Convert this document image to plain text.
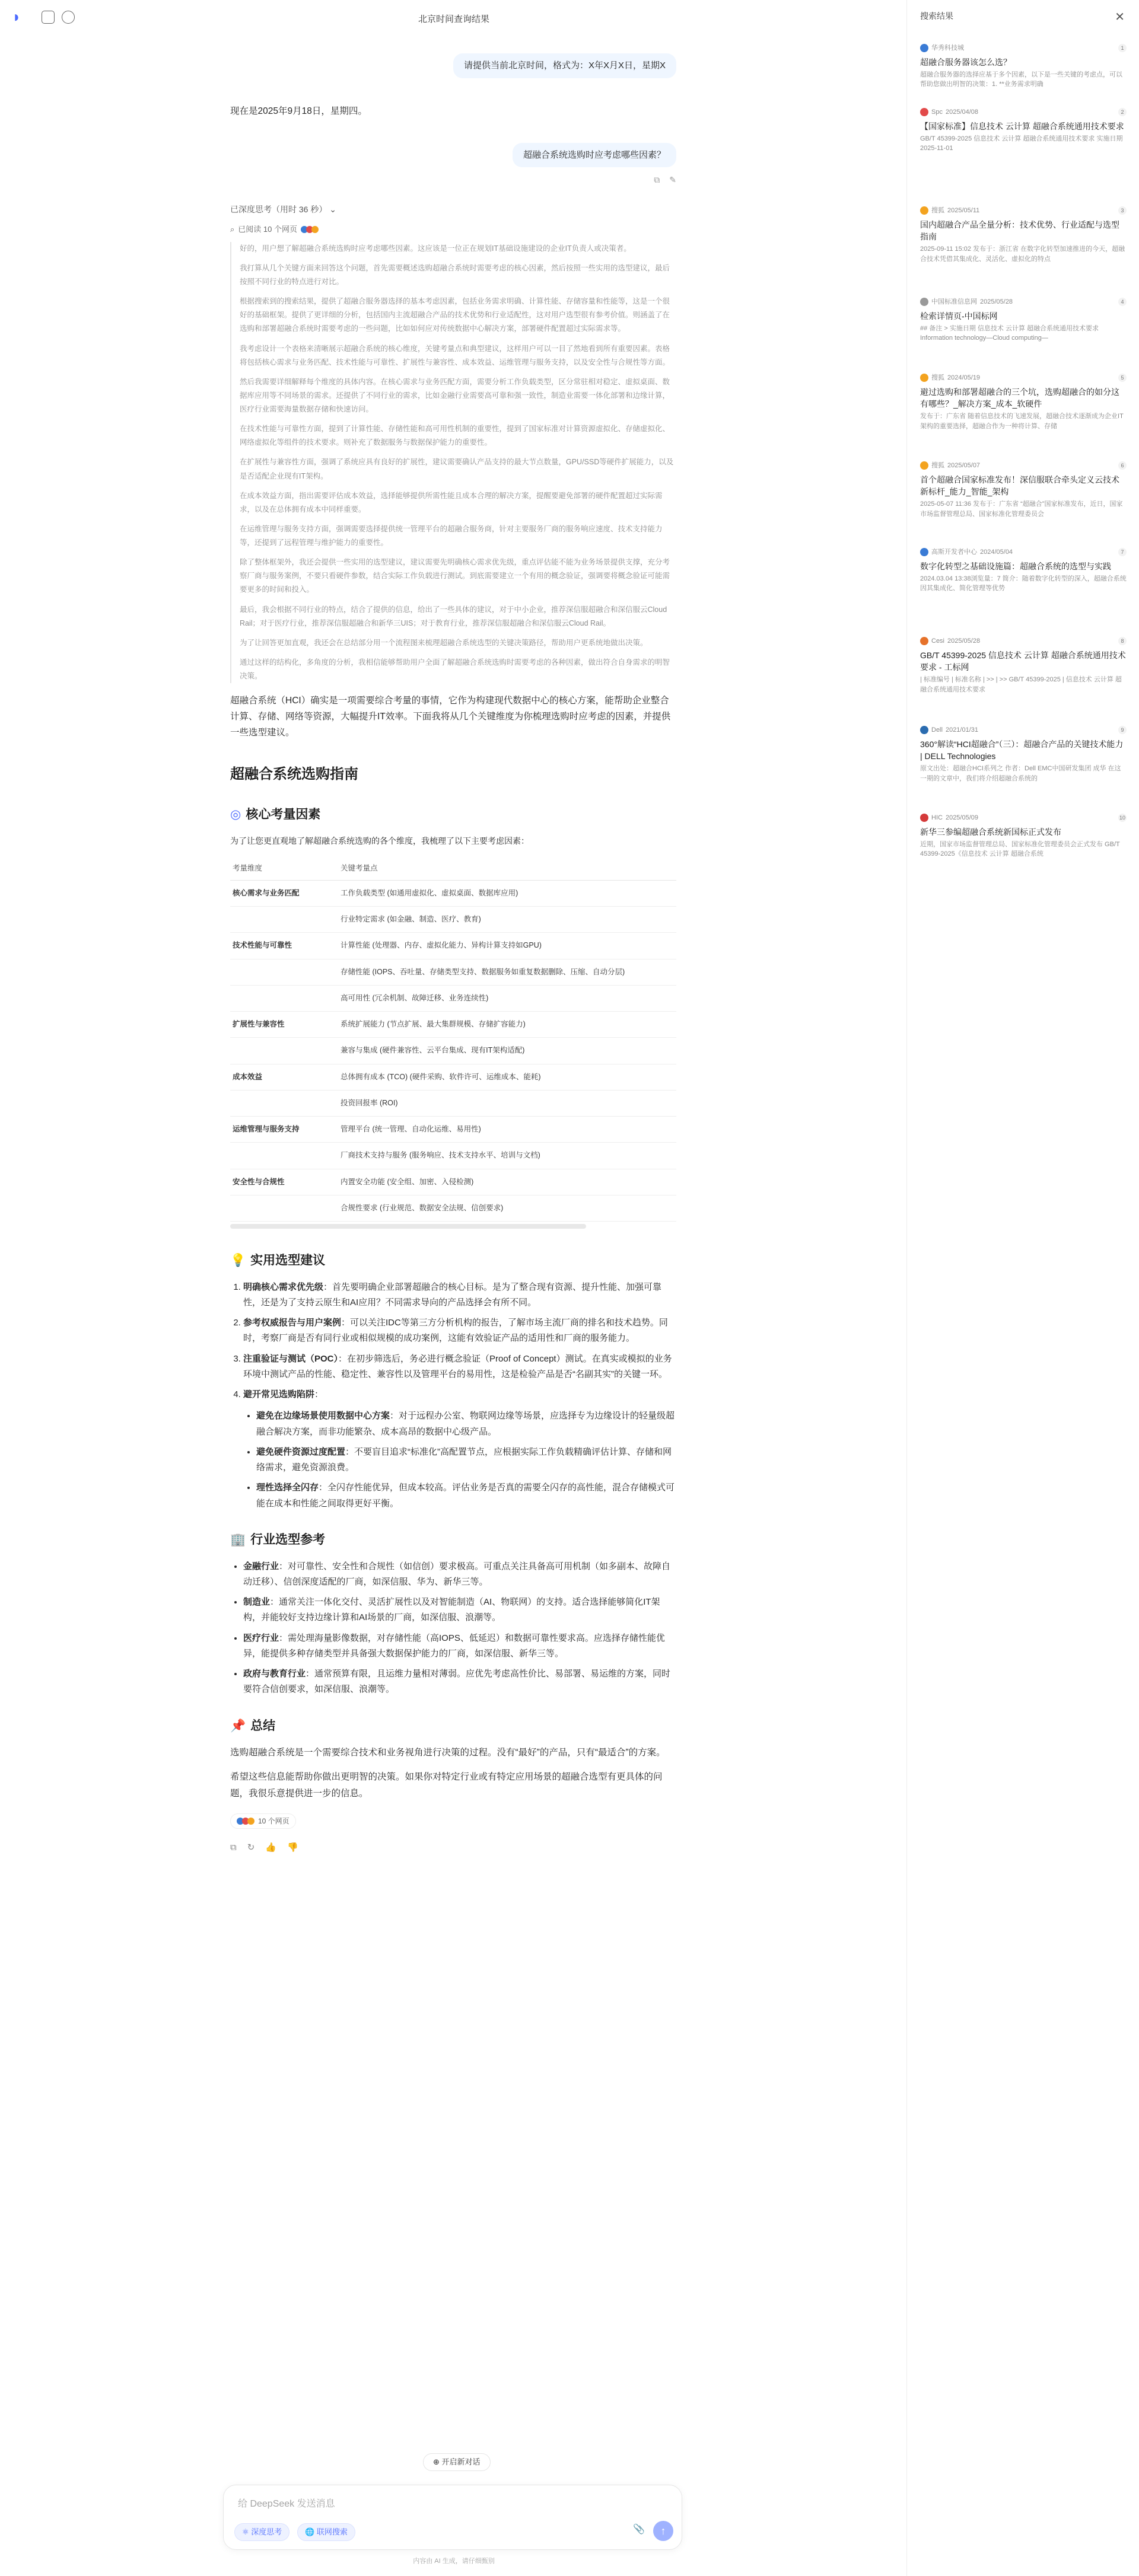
◗	北京时间查询结果
请提供当前北京时间，格式为：X年X月X日，星期X

现在是2025年9月18日，星期四。

超融合系统选购时应考虑哪些因素？
⧉ ✎
已深度思考（用时 36 秒） ⌄
⌕ 已阅读 10 个网页

好的，用户想了解超融合系统选购时应考虑哪些因素。这应该是一位正在规划IT基础设施建设的企业IT负责人或决策者。

我打算从几个关键方面来回答这个问题，首先需要概述选购超融合系统时需要考虑的核心因素，然后按照一些实用的选型建议，最后按照不同行业的特点进行对比。

根据搜索到的搜索结果，提供了超融合服务器选择的基本考虑因素，包括业务需求明确、计算性能、存储容量和性能等，这是一个很好的基础框架。提供了更详细的分析，包括国内主流超融合产品的技术优势和行业适配性，这对用户选型很有参考价值。则涵盖了在选购和部署超融合系统时需要考虑的一些问题，比如如何应对传统数据中心解决方案，部署硬件配置超过实际需求等。

我考虑设计一个表格来清晰展示超融合系统的核心维度，关键考量点和典型建议，这样用户可以一目了然地看到所有重要因素。表格将包括核心需求与业务匹配、技术性能与可靠性、扩展性与兼容性、成本效益、运维管理与服务支持，以及安全性与合规性等方面。

然后我需要详细解释每个维度的具体内容。在核心需求与业务匹配方面，需要分析工作负载类型，区分常驻相对稳定、虚拟桌面、数据库应用等不同场景的需求。还提供了不同行业的需求，比如金融行业需要高可靠和强一致性，制造业需要一体化部署和边缘计算，医疗行业需要海量数据存储和快速访问。

在技术性能与可靠性方面，提到了计算性能、存储性能和高可用性机制的重要性，提到了国家标准对计算资源虚拟化、存储虚拟化、网络虚拟化等组件的技术要求。则补充了数据服务与数据保护能力的重要性。

在扩展性与兼容性方面，强调了系统应具有良好的扩展性，建议需要确认产品支持的最大节点数量，GPU/SSD等硬件扩展能力，以及是否适配企业现有IT架构。

在成本效益方面，指出需要评估成本效益，选择能够提供所需性能且成本合理的解决方案，提醒要避免部署的硬件配置超过实际需求，以及在总体拥有成本中同样重要。

在运维管理与服务支持方面，强调需要选择提供统一管理平台的超融合服务商，针对主要服务厂商的服务响应速度、技术支持能力等，还提到了远程管理与维护能力的重要性。

除了整体框架外，我还会提供一些实用的选型建议，建议需要先明确核心需求优先级，重点评估能不能为业务场景提供支撑，充分考察厂商与服务案例，不要只看硬件参数，结合实际工作负载进行测试。到底需要建立一个有用的概念验证，强调要将概念验证可能需要更多的时间和投入。

最后，我会根据不同行业的特点，结合了提供的信息，给出了一些具体的建议，对于中小企业，推荐深信服超融合和深信服云Cloud Rail；对于医疗行业，推荐深信服超融合和新华三UIS；对于教育行业，推荐深信服超融合和深信服云Cloud Rail。

为了让回答更加直观，我还会在总结部分用一个流程图来梳理超融合系统选型的关键决策路径，帮助用户更系统地做出决策。

通过这样的结构化，多角度的分析，我相信能够帮助用户全面了解超融合系统选购时需要考虑的各种因素，做出符合自身需求的明智决策。

超融合系统（HCI）确实是一项需要综合考量的事情，它作为构建现代数据中心的核心方案，能帮助企业整合计算、存储、网络等资源，大幅提升IT效率。下面我将从几个关键维度为你梳理选购时应考虑的因素，并提供一些选型建议。

超融合系统选购指南
◎ 核心考量因素

为了让您更直观地了解超融合系统选购的各个维度，我梳理了以下主要考虑因素：

考量维度	关键考量点
核心需求与业务匹配	工作负载类型 (如通用虚拟化、虚拟桌面、数据库应用)
	行业特定需求 (如金融、制造、医疗、教育)
技术性能与可靠性	计算性能 (处理器、内存、虚拟化能力、异构计算支持如GPU)
	存储性能 (IOPS、吞吐量、存储类型支持、数据服务如重复数据删除、压缩、自动分层)
	高可用性 (冗余机制、故障迁移、业务连续性)
扩展性与兼容性	系统扩展能力 (节点扩展、最大集群规模、存储扩容能力)
	兼容与集成 (硬件兼容性、云平台集成、现有IT架构适配)
成本效益	总体拥有成本 (TCO) (硬件采购、软件许可、运维成本、能耗)
	投资回报率 (ROI)
运维管理与服务支持	管理平台 (统一管理、自动化运维、易用性)
	厂商技术支持与服务 (服务响应、技术支持水平、培训与文档)
安全性与合规性	内置安全功能 (安全组、加密、入侵检测)
	合规性要求 (行业规范、数据安全法规、信创要求)
💡 实用选型建议
1. 明确核心需求优先级：首先要明确企业部署超融合的核心目标。是为了整合现有资源、提升性能、加强可靠性，还是为了支持云原生和AI应用？不同需求导向的产品选择会有所不同。
2. 参考权威报告与用户案例：可以关注IDC等第三方分析机构的报告，了解市场主流厂商的排名和技术趋势。同时，考察厂商是否有同行业或相似规模的成功案例，这能有效验证产品的适用性和厂商的服务能力。
3. 注重验证与测试（POC）：在初步筛选后，务必进行概念验证（Proof of Concept）测试。在真实或模拟的业务环境中测试产品的性能、稳定性、兼容性以及管理平台的易用性，这是检验产品是否“名副其实”的关键一环。
4. 避开常见选购陷阱：
• 避免在边缘场景使用数据中心方案：对于远程办公室、物联网边缘等场景，应选择专为边缘设计的轻量级超融合解决方案，而非功能繁杂、成本高昂的数据中心级产品。
• 避免硬件资源过度配置：不要盲目追求“标准化”高配置节点，应根据实际工作负载精确评估计算、存储和网络需求，避免资源浪费。
• 理性选择全闪存：全闪存性能优异，但成本较高。评估业务是否真的需要全闪存的高性能，混合存储模式可能在成本和性能之间取得更好平衡。
🏢 行业选型参考
• 金融行业：对可靠性、安全性和合规性（如信创）要求极高。可重点关注具备高可用机制（如多副本、故障自动迁移）、信创深度适配的厂商，如深信服、华为、新华三等。
• 制造业：通常关注一体化交付、灵活扩展性以及对智能制造（AI、物联网）的支持。适合选择能够简化IT架构，并能较好支持边缘计算和AI场景的厂商，如深信服、浪潮等。
• 医疗行业：需处理海量影像数据，对存储性能（高IOPS、低延迟）和数据可靠性要求高。应选择存储性能优异，能提供多种存储类型并具备强大数据保护能力的厂商，如深信服、新华三等。
• 政府与教育行业：通常预算有限，且运维力量相对薄弱。应优先考虑高性价比、易部署、易运维的方案，同时要符合信创要求，如深信服、浪潮等。
📌 总结

选购超融合系统是一个需要综合技术和业务视角进行决策的过程。没有“最好”的产品，只有“最适合”的方案。

希望这些信息能帮助你做出更明智的决策。如果你对特定行业或有特定应用场景的超融合选型有更具体的问题，我很乐意提供进一步的信息。

10 个网页
⧉ ↻ 👍 👎
⊕ 开启新对话
给 DeepSeek 发送消息
⚛ 深度思考	🌐 联网搜索	📎	↑
内容由 AI 生成，请仔细甄别
搜索结果	✕
华秀科技城	1
超融合服务器该怎么选？
超融合服务器的选择应基于多个因素，以下是一些关键的考虑点，可以帮助您做出明智的决策：1. **业务需求明确
Spc 2025/04/08	2
【国家标准】信息技术 云计算 超融合系统通用技术要求
GB/T 45399-2025 信息技术 云计算 超融合系统通用技术要求 实施日期 2025-11-01
搜狐 2025/05/11	3
国内超融合产品全量分析：技术优势、行业适配与选型指南
2025-09-11 15:02 发布于：浙江省 在数字化转型加速推进的今天，超融合技术凭借其集成化、灵活化、虚拟化的特点
中国标准信息网 2025/05/28	4
检索详情页-中国标网
## 备注 > 实施日期 信息技术 云计算 超融合系统通用技术要求 Information technology—Cloud computing—
搜狐 2024/05/19	5
避过选购和部署超融合的三个坑，选购超融合的如分这有哪些？_解决方案_成本_软硬件
发布于：广东省 随着信息技术的飞速发展，超融合技术逐渐成为企业IT架构的重要选择，超融合作为一种将计算、存储
搜狐 2025/05/07	6
首个超融合国家标准发布！深信服联合牵头定义云技术新标杆_能力_智能_架构
2025-05-07 11:36 发布于：广东省 “超融合”国家标准发布，近日，国家市场监督管理总局、国家标准化管理委员会
高斯开发者中心 2024/05/04	7
数字化转型之基础设施篇：超融合系统的选型与实践
2024.03.04 13:38浏览量：7 简介：随着数字化转型的深入，超融合系统因其集成化、简化管理等优势
Cesi 2025/05/28	8
GB/T 45399-2025 信息技术 云计算 超融合系统通用技术要求 - 工标网
| 标准编号 | 标准名称 | >> | >> GB/T 45399-2025 | 信息技术 云计算 超融合系统通用技术要求
Dell 2021/01/31	9
360°解读“HCI超融合”（三）：超融合产品的关键技术能力 | DELL Technologies
原文出处：超融合HCI系列之 作者：Dell EMC中国研发集团 成华 在这一期的文章中，我们将介绍超融合系统的
HIC 2025/05/09	10
新华三参编超融合系统新国标正式发布
近期，国家市场监督管理总局、国家标准化管理委员会正式发布 GB/T 45399-2025《信息技术 云计算 超融合系统
